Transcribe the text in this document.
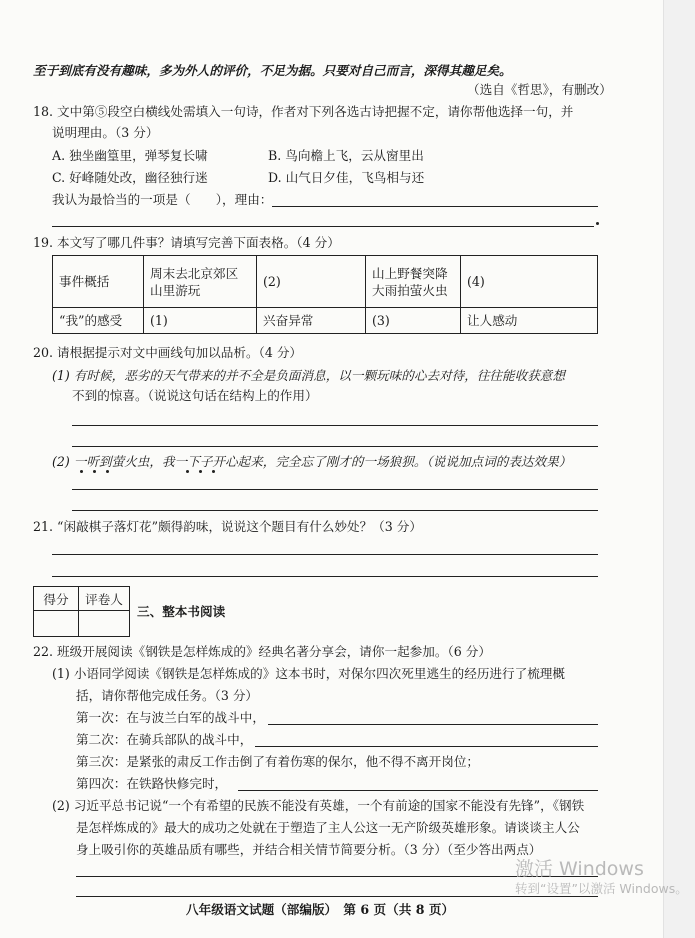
至于到底有没有趣味，多为外人的评价，不足为据。只要对自己而言，深得其趣足矣。
（选自《哲思》，有删改）
18. 文中第⑤段空白横线处需填入一句诗，作者对下列各选古诗把握不定，请你帮他选择一句，并
说明理由。（3 分）
A. 独坐幽篁里，弹琴复长啸	B. 鸟向檐上飞，云从窗里出
C. 好峰随处改，幽径独行迷	D. 山气日夕佳，飞鸟相与还
我认为最恰当的一项是（　　），理由：
19. 本文写了哪几件事？请填写完善下面表格。（4 分）
事件概括	周末去北京郊区山里游玩	(2)	山上野餐突降大雨拍萤火虫	(4)
“我”的感受	(1)	兴奋异常	(3)	让人感动
20. 请根据提示对文中画线句加以品析。（4 分）
(1) 有时候，恶劣的天气带来的并不全是负面消息，以一颗玩味的心去对待，往往能收获意想
不到的惊喜。（说说这句话在结构上的作用）
(2) 一听到萤火虫，我一下子开心起来，完全忘了刚才的一场狼狈。（说说加点词的表达效果）
21. “闲敲棋子落灯花”颇得韵味，说说这个题目有什么妙处？（3 分）
得分	评卷人

三、整本书阅读
22. 班级开展阅读《钢铁是怎样炼成的》经典名著分享会，请你一起参加。（6 分）
(1) 小语同学阅读《钢铁是怎样炼成的》这本书时，对保尔四次死里逃生的经历进行了梳理概
括，请你帮他完成任务。（3 分）
第一次：在与波兰白军的战斗中，
第二次：在骑兵部队的战斗中，
第三次：是紧张的肃反工作击倒了有着伤寒的保尔，他不得不离开岗位；
第四次：在铁路快修完时，
(2) 习近平总书记说“一个有希望的民族不能没有英雄，一个有前途的国家不能没有先锋”，《钢铁
是怎样炼成的》最大的成功之处就在于塑造了主人公这一无产阶级英雄形象。请谈谈主人公
身上吸引你的英雄品质有哪些，并结合相关情节简要分析。（3 分）（至少答出两点）
八年级语文试题（部编版）　第 6 页（共 8 页）
激活 Windows
转到“设置”以激活 Windows。
